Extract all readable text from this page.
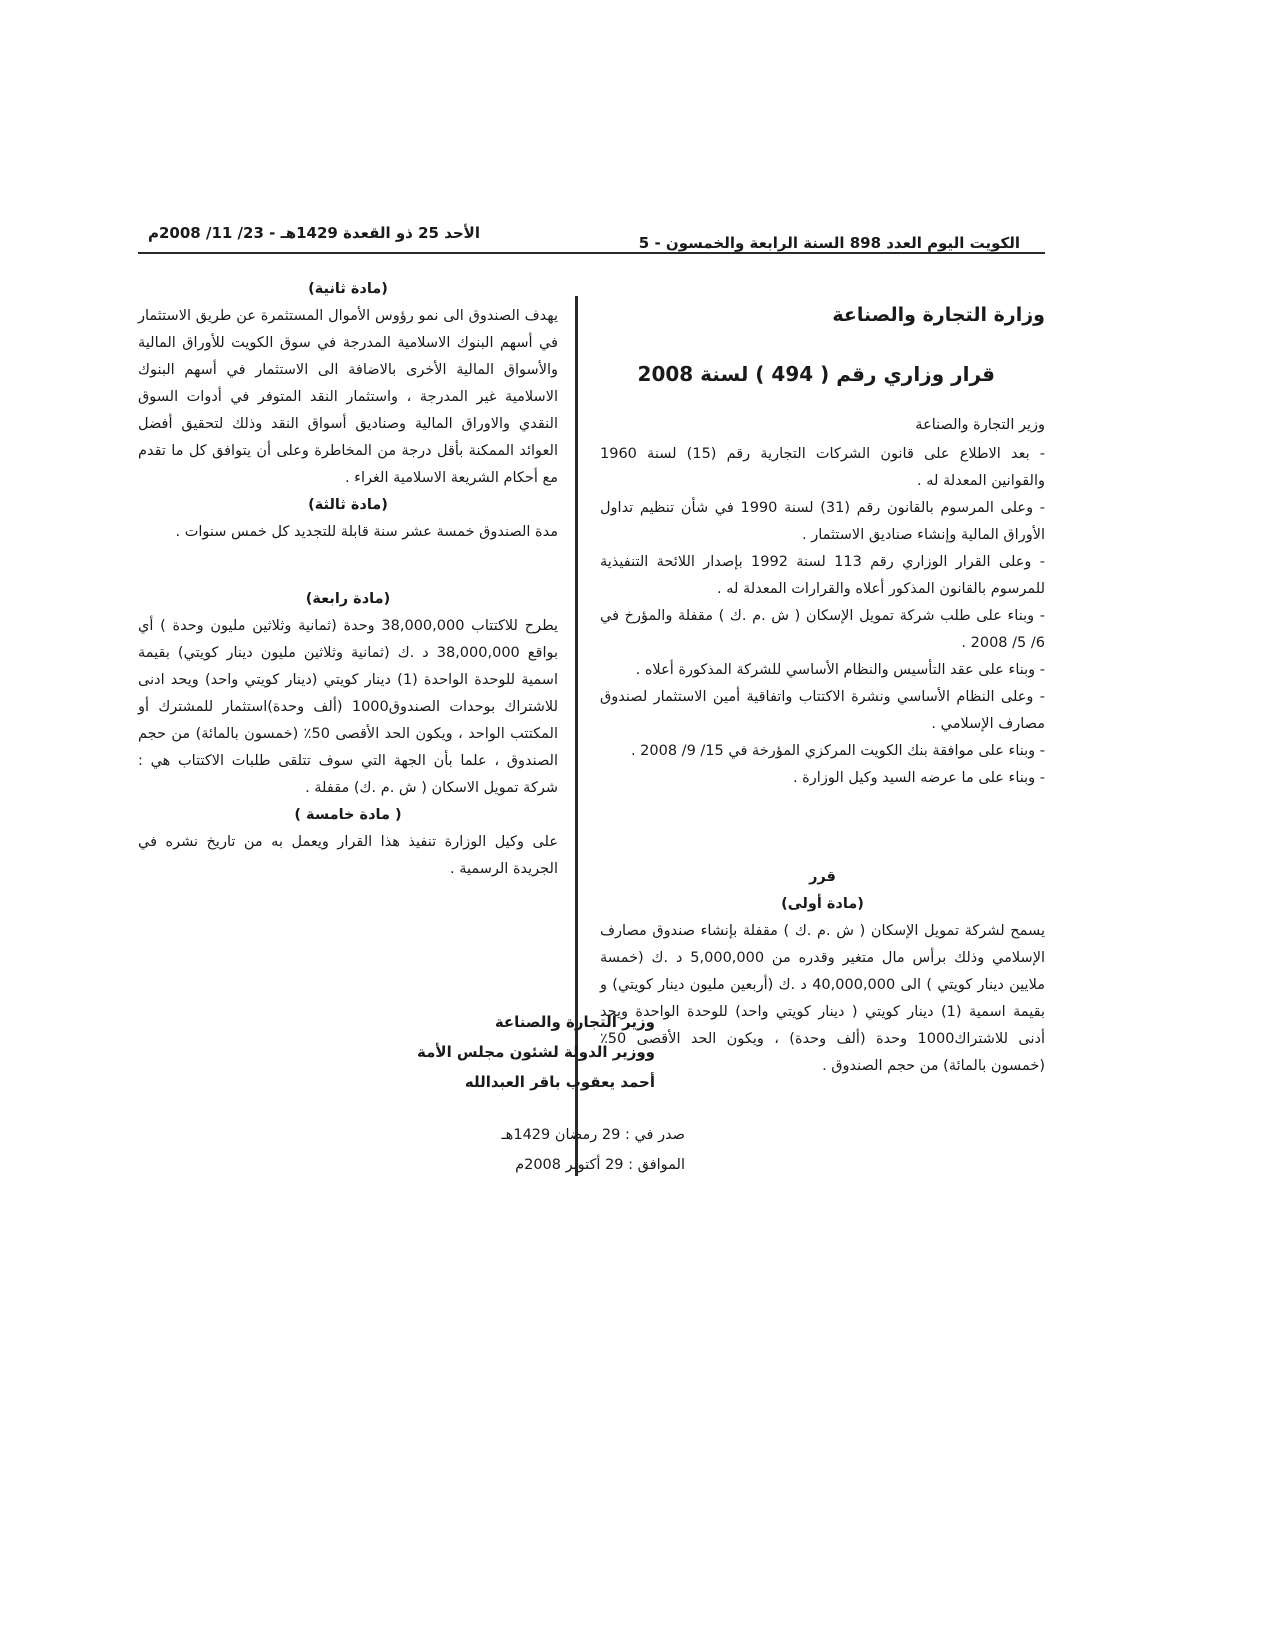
الأحد 25 ذو القعدة 1429هـ - 23/ 11/ 2008م
الكويت اليوم العدد 898 السنة الرابعة والخمسون - 5
وزارة التجارة والصناعة
قرار وزاري رقم ( 494 ) لسنة 2008

وزير التجارة والصناعة

- بعد الاطلاع على قانون الشركات التجارية رقم (15) لسنة 1960 والقوانين المعدلة له .

- وعلى المرسوم بالقانون رقم (31) لسنة 1990 في شأن تنظيم تداول الأوراق المالية وإنشاء صناديق الاستثمار .

- وعلى القرار الوزاري رقم 113 لسنة 1992 بإصدار اللائحة التنفيذية للمرسوم بالقانون المذكور أعلاه والقرارات المعدلة له .

- وبناء على طلب شركة تمويل الإسكان ( ش .م .ك ) مقفلة والمؤرخ في 6/ 5/ 2008 .

- وبناء على عقد التأسيس والنظام الأساسي للشركة المذكورة أعلاه .

- وعلى النظام الأساسي ونشرة الاكتتاب واتفاقية أمين الاستثمار لصندوق مصارف الإسلامي .

- وبناء على موافقة بنك الكويت المركزي المؤرخة في 15/ 9/ 2008 .

- وبناء على ما عرضه السيد وكيل الوزارة .

قرر
(مادة أولى)

يسمح لشركة تمويل الإسكان ( ش .م .ك ) مقفلة بإنشاء صندوق مصارف الإسلامي وذلك برأس مال متغير وقدره من 5,000,000 د .ك (خمسة ملايين دينار كويتي ) الى 40,000,000 د .ك (أربعين مليون دينار كويتي) و بقيمة اسمية (1) دينار كويتي ( دينار كويتي واحد) للوحدة الواحدة ويحد أدنى للاشتراك1000 وحدة (ألف وحدة) ، ويكون الحد الأقصى 50٪ (خمسون بالمائة) من حجم الصندوق .

(مادة ثانية)

يهدف الصندوق الى نمو رؤوس الأموال المستثمرة عن طريق الاستثمار في أسهم البنوك الاسلامية المدرجة في سوق الكويت للأوراق المالية والأسواق المالية الأخرى بالاضافة الى الاستثمار في أسهم البنوك الاسلامية غير المدرجة ، واستثمار النقد المتوفر في أدوات السوق النقدي والاوراق المالية وصناديق أسواق النقد وذلك لتحقيق أفضل العوائد الممكنة بأقل درجة من المخاطرة وعلى أن يتوافق كل ما تقدم مع أحكام الشريعة الاسلامية الغراء .

(مادة ثالثة)

مدة الصندوق خمسة عشر سنة قابلة للتجديد كل خمس سنوات .

(مادة رابعة)

يطرح للاكتتاب 38,000,000 وحدة (ثمانية وثلاثين مليون وحدة ) أي بواقع 38,000,000 د .ك (ثمانية وثلاثين مليون دينار كويتي) بقيمة اسمية للوحدة الواحدة (1) دينار كويتي (دينار كويتي واحد) ويحد ادنى للاشتراك بوحدات الصندوق1000 (ألف وحدة)استثمار للمشترك أو المكتتب الواحد ، ويكون الحد الأقصى 50٪ (خمسون بالمائة) من حجم الصندوق ، علما بأن الجهة التي سوف تتلقى طلبات الاكتتاب هي : شركة تمويل الاسكان ( ش .م .ك) مقفلة .

( مادة خامسة )

على وكيل الوزارة تنفيذ هذا القرار ويعمل به من تاريخ نشره في الجريدة الرسمية .

وزير التجارة والصناعة
ووزير الدولة لشئون مجلس الأمة
أحمد يعقوب باقر العبدالله
صدر في : 29 رمضان 1429هـ
الموافق : 29 أكتوبر 2008م
